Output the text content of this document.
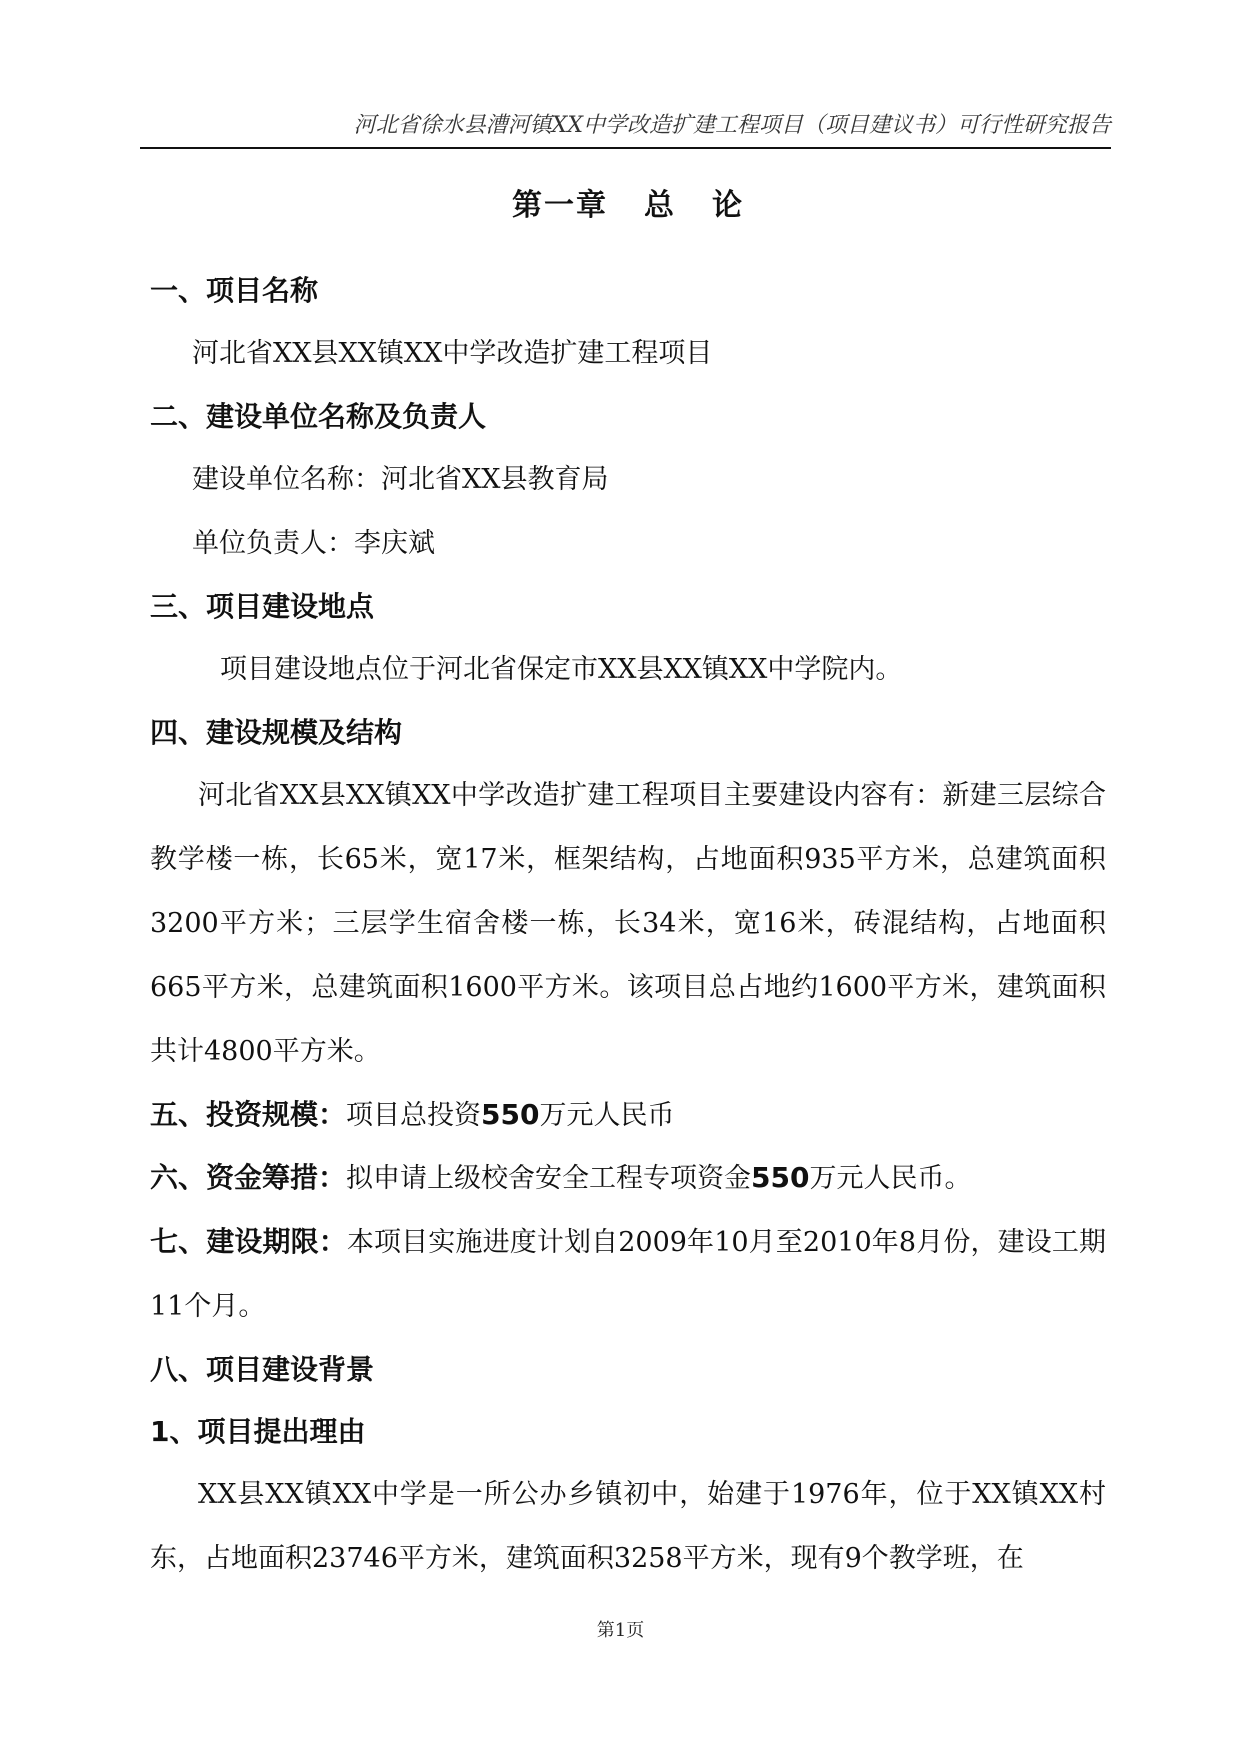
河北省徐水县漕河镇XX中学改造扩建工程项目（项目建议书）可行性研究报告
第一章 总 论

一、项目名称

河北省XX县XX镇XX中学改造扩建工程项目

二、建设单位名称及负责人

建设单位名称：河北省XX县教育局

单位负责人：李庆斌

三、项目建设地点

项目建设地点位于河北省保定市XX县XX镇XX中学院内。

四、建设规模及结构

河北省XX县XX镇XX中学改造扩建工程项目主要建设内容有：新建三层综合教学楼一栋，长65米，宽17米，框架结构，占地面积935平方米，总建筑面积3200平方米；三层学生宿舍楼一栋，长34米，宽16米，砖混结构，占地面积665平方米，总建筑面积1600平方米。该项目总占地约1600平方米，建筑面积共计4800平方米。

五、投资规模：项目总投资550万元人民币

六、资金筹措：拟申请上级校舍安全工程专项资金550万元人民币。

七、建设期限：本项目实施进度计划自2009年10月至2010年8月份，建设工期11个月。

八、项目建设背景

1、项目提出理由

XX县XX镇XX中学是一所公办乡镇初中，始建于1976年，位于XX镇XX村东，占地面积23746平方米，建筑面积3258平方米，现有9个教学班，在

第1页
